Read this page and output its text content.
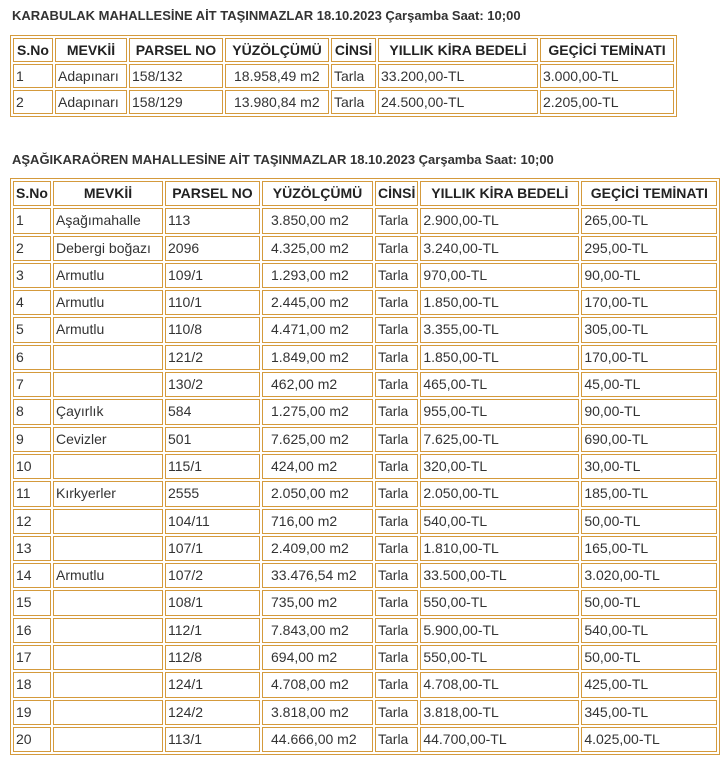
KARABULAK MAHALLESİNE AİT TAŞINMAZLAR 18.10.2023 Çarşamba Saat: 10;00
S.No	MEVKİİ	PARSEL NO	YÜZÖLÇÜMÜ	CİNSİ	YILLIK KİRA BEDELİ	GEÇİCİ TEMİNATI
1	Adapınarı	158/132	18.958,49 m2	Tarla	33.200,00-TL	3.000,00-TL
2	Adapınarı	158/129	13.980,84 m2	Tarla	24.500,00-TL	2.205,00-TL
AŞAĞIKARAÖREN MAHALLESİNE AİT TAŞINMAZLAR 18.10.2023 Çarşamba Saat: 10;00
S.No	MEVKİİ	PARSEL NO	YÜZÖLÇÜMÜ	CİNSİ	YILLIK KİRA BEDELİ	GEÇİCİ TEMİNATI
1	Aşağımahalle	113	3.850,00 m2	Tarla	2.900,00-TL	265,00-TL
2	Debergi boğazı	2096	4.325,00 m2	Tarla	3.240,00-TL	295,00-TL
3	Armutlu	109/1	1.293,00 m2	Tarla	970,00-TL	90,00-TL
4	Armutlu	110/1	2.445,00 m2	Tarla	1.850,00-TL	170,00-TL
5	Armutlu	110/8	4.471,00 m2	Tarla	3.355,00-TL	305,00-TL
6		121/2	1.849,00 m2	Tarla	1.850,00-TL	170,00-TL
7		130/2	462,00 m2	Tarla	465,00-TL	45,00-TL
8	Çayırlık	584	1.275,00 m2	Tarla	955,00-TL	90,00-TL
9	Cevizler	501	7.625,00 m2	Tarla	7.625,00-TL	690,00-TL
10		115/1	424,00 m2	Tarla	320,00-TL	30,00-TL
11	Kırkyerler	2555	2.050,00 m2	Tarla	2.050,00-TL	185,00-TL
12		104/11	716,00 m2	Tarla	540,00-TL	50,00-TL
13		107/1	2.409,00 m2	Tarla	1.810,00-TL	165,00-TL
14	Armutlu	107/2	33.476,54 m2	Tarla	33.500,00-TL	3.020,00-TL
15		108/1	735,00 m2	Tarla	550,00-TL	50,00-TL
16		112/1	7.843,00 m2	Tarla	5.900,00-TL	540,00-TL
17		112/8	694,00 m2	Tarla	550,00-TL	50,00-TL
18		124/1	4.708,00 m2	Tarla	4.708,00-TL	425,00-TL
19		124/2	3.818,00 m2	Tarla	3.818,00-TL	345,00-TL
20		113/1	44.666,00 m2	Tarla	44.700,00-TL	4.025,00-TL
